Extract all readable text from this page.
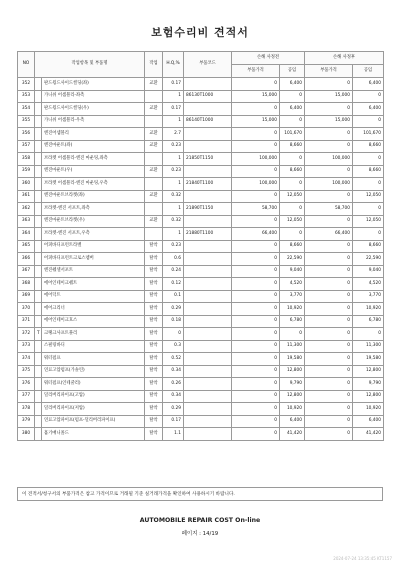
보험수리비 견적서
NO	작업항목 및 부품명		작업	H.Q,%	부품코드	손해 사정전		손해 사정후	
						부품가격	공임	부품가격	공임
352		판드윙드사이드씰딩(좌)	교환	0.17		0	6,400	0	6,400
353		가니쉬 어셈블리-좌측		1	86130T1000	15,000	0	15,000	0
354		판드윙드사이드씰딩(우)	교환	0.17		0	6,400	0	6,400
355		가니쉬 어셈블리-우측		1	86140T1000	15,000	0	15,000	0
356		엔진어셈블리	교환	2.7		0	101,670	0	101,670
357		엔진마운트(좌)	교환	0.23		0	8,660	0	8,660
358		브라켓 어셈블리-엔진 마운팅,좌측		1	21850T1150	100,000	0	100,000	0
359		엔진마운트(우)	교환	0.23		0	8,660	0	8,660
360		브라켓 어셈블리-엔진 마운팅,우측		1	21840T1100	100,000	0	100,000	0
361		엔진마운트브라켓(좌)	교환	0.32		0	12,050	0	12,050
362		브라켓-엔진 서포트,좌측		1	21890T1150	58,700	0	58,700	0
363		엔진마운트브라켓(우)	교환	0.32		0	12,050	0	12,050
364		브라켓-엔진 서포트,우측		1	21880T1100	66,400	0	66,400	0
365		어퍼바디프런트라벨	탈착	0.23		0	8,660	0	8,660
366		어퍼바디프런트크로스멤버	탈착	0.6		0	22,590	0	22,590
367		엔진쉘셀서포트	탈착	0.24		0	9,040	0	9,040
368		에어인테이크쉘트	탈착	0.12		0	4,520	0	4,520
369		에어덕트	탈착	0.1		0	3,770	0	3,770
370		에어크리너	탈착	0.29		0	10,920	0	10,920
371		에어인테이크호스	탈착	0.18		0	6,780	0	6,780
372	T	크랭크사프트풀리	탈착	0		0	0	0	0
373		스필링바디	탈착	0.3		0	11,300	0	11,300
374		워터펌프	탈착	0.52		0	19,580	0	19,580
375		연료고압펌프(가솔린)	탈착	0.34		0	12,800	0	12,800
376		워터펌프(인테쿨러)	탈착	0.26		0	9,790	0	9,790
377		딜리버리파이프(고압)	탈착	0.34		0	12,800	0	12,800
378		딜리버리파이프(저압)	탈착	0.29		0	10,920	0	10,920
379		연료고압파이프(펌프-딜리버리파이프)	탈착	0.17		0	6,400	0	6,400
380		흡기매니폴드	탈착	1.1		0	41,420	0	41,420
이 견적서/청구서의 부품가격은 참고 가격이므로 거래될 기준 실거래가격을 확인하여 사용하시기 바랍니다.
AUTOMOBILE REPAIR COST On-line
페이지 : 14/19
2024-07-24 13:35:45 KT1157
